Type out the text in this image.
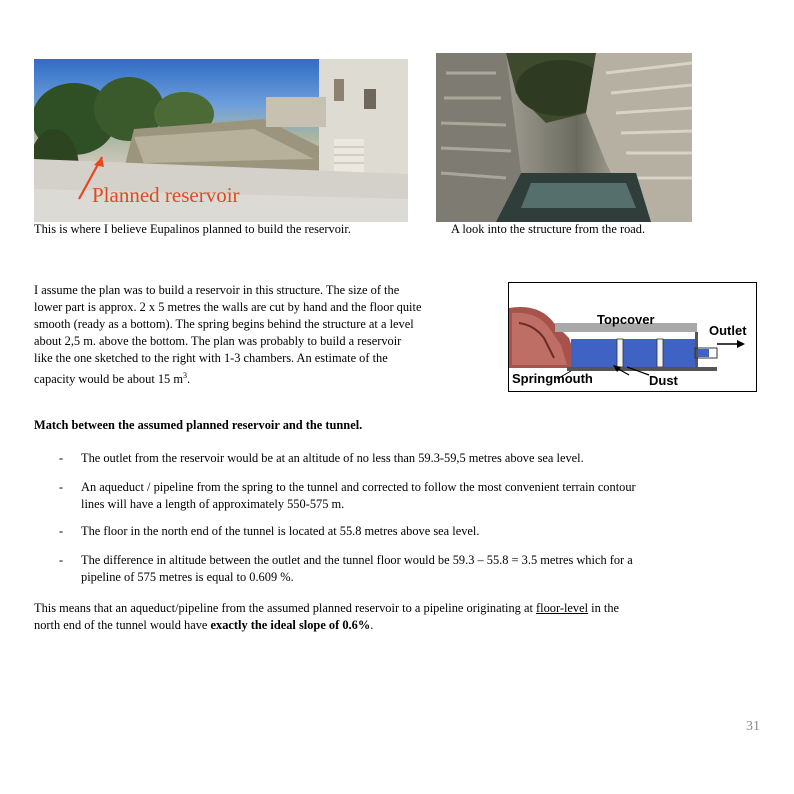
Planned reservoir
This is where I believe Eupalinos planned to build the reservoir.	A look into the structure from the road.
I assume the plan was to build a reservoir in this structure. The size of the
lower part is approx. 2 x 5 metres the walls are cut by hand and the floor quite
smooth (ready as a bottom). The spring begins behind the structure at a level
about 2,5 m. above the bottom. The plan was probably to build a reservoir
like the one sketched to the right with 1-3 chambers. An estimate of the
capacity would be about 15 $m^3$.
Topcover
Outlet
Springmouth	Dust
Match between the assumed planned reservoir and the tunnel.
- The outlet from the reservoir would be at an altitude of no less than 59.3-59,5 metres above sea level.
- An aqueduct / pipeline from the spring to the tunnel and corrected to follow the most convenient terrain contour
lines will have a length of approximately 550-575 m.
- The floor in the north end of the tunnel is located at 55.8 metres above sea level.
- The difference in altitude between the outlet and the tunnel floor would be 59.3 – 55.8 = 3.5 metres which for a
pipeline of 575 metres is equal to 0.609 %.
This means that an aqueduct/pipeline from the assumed planned reservoir to a pipeline originating at floor-level in the
north end of the tunnel would have exactly the ideal slope of 0.6%.
31
